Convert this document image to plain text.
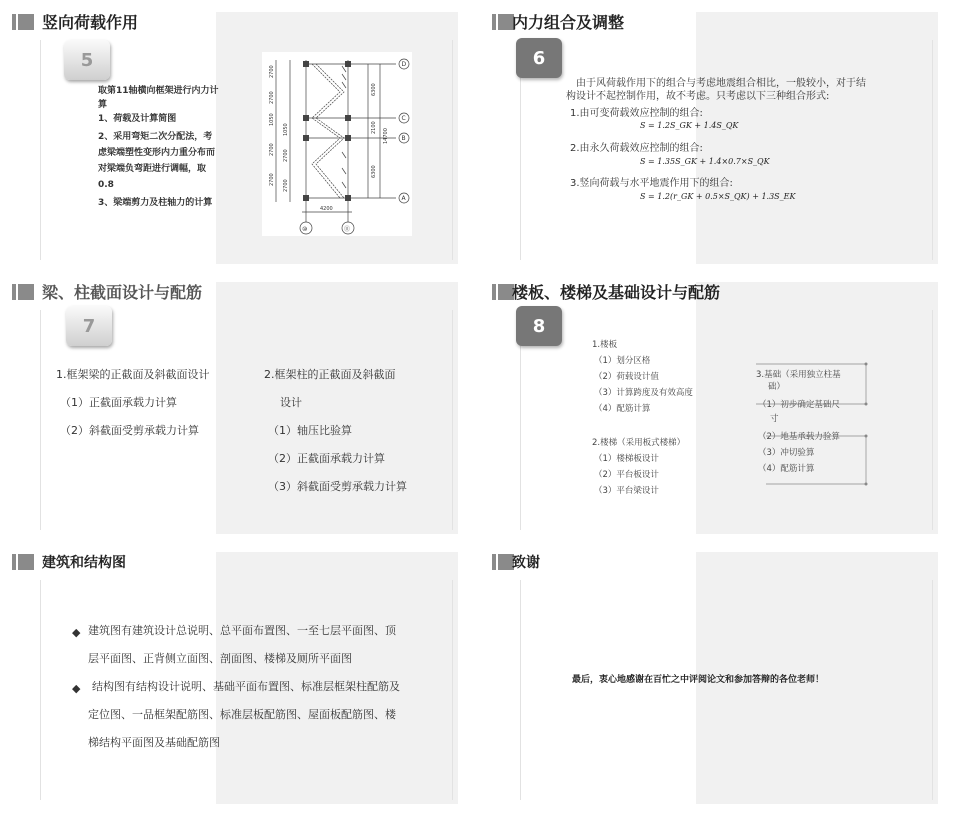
竖向荷载作用
5
取第11轴横向框架进行内力计
算
1、荷载及计算简图
2、采用弯矩二次分配法，考
虑梁端塑性变形内力重分布而
对梁端负弯距进行调幅，取
0.8
3、梁端剪力及柱轴力的计算
D
C
B
A
⑩	⑪
4200
6300
2100
6300
14700
2700
2700
1050
1050
2700
2700
2700
2700
内力组合及调整
6
由于风荷载作用下的组合与考虑地震组合相比，一般较小，对于结
构设计不起控制作用，故不考虑。只考虑以下三种组合形式:
1.由可变荷载效应控制的组合:
S = 1.2S_GK + 1.4S_QK
2.由永久荷载效应控制的组合:
S = 1.35S_GK + 1.4×0.7×S_QK
3.竖向荷载与水平地震作用下的组合:
S = 1.2(r_GK + 0.5×S_QK) + 1.3S_EK
梁、柱截面设计与配筋
7
1.框架梁的正截面及斜截面设计
（1）正截面承载力计算
（2）斜截面受剪承载力计算
2.框架柱的正截面及斜截面
设计
（1）轴压比验算
（2）正截面承载力计算
（3）斜截面受剪承载力计算
楼板、楼梯及基础设计与配筋
8
1.楼板
（1）划分区格
（2）荷载设计值
（3）计算跨度及有效高度
（4）配筋计算
2.楼梯（采用板式楼梯）
（1）楼梯板设计
（2）平台板设计
（3）平台梁设计
3.基础（采用独立柱基
础）
（1）初步确定基础尺
寸
（2）地基承载力验算
（3）冲切验算
（4）配筋计算
建筑和结构图
◆ 建筑图有建筑设计总说明、总平面布置图、一至七层平面图、顶
层平面图、正背侧立面图、剖面图、楼梯及厕所平面图
◆ 结构图有结构设计说明、基础平面布置图、标准层框架柱配筋及
定位图、一品框架配筋图、标准层板配筋图、屋面板配筋图、楼
梯结构平面图及基础配筋图
致谢
最后，衷心地感谢在百忙之中评阅论文和参加答辩的各位老师！
